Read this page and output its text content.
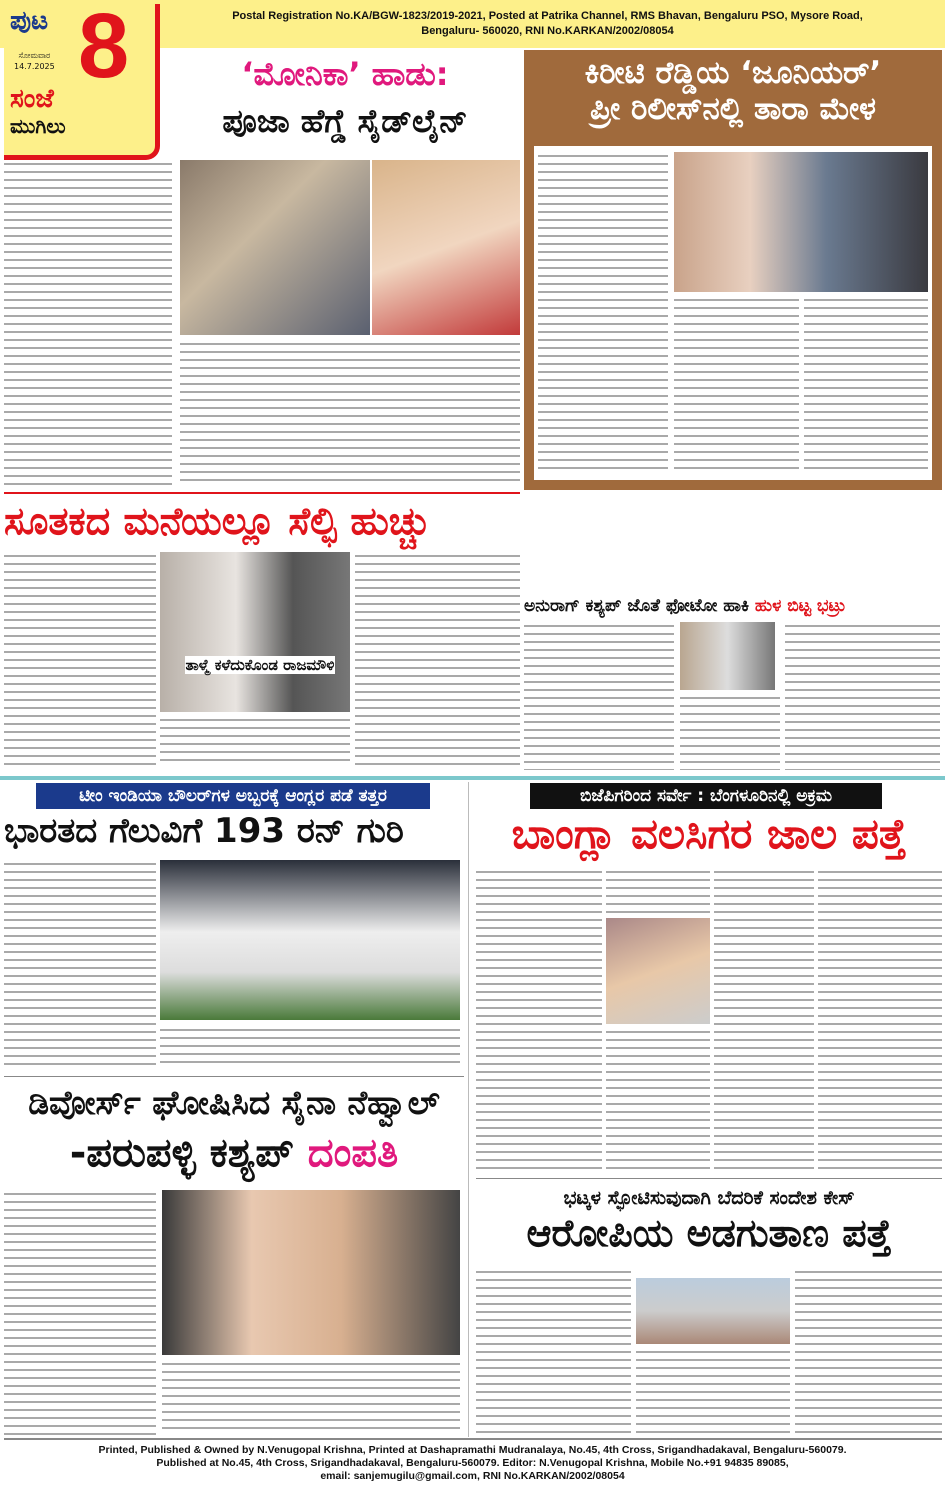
Postal Registration No.KA/BGW-1823/2019-2021, Posted at Patrika Channel, RMS Bhavan, Bengaluru PSO, Mysore Road,
Bengaluru- 560020, RNI No.KARKAN/2002/08054
ಪುಟ 8
ಸೋಮವಾರ
14.7.2025
ಸಂಜೆ
ಮುಗಿಲು
‘ಮೋನಿಕಾ’ ಹಾಡು:
ಪೂಜಾ ಹೆಗ್ಡೆ ಸೈಡ್‌ಲೈನ್
ಕಿರೀಟಿ ರೆಡ್ಡಿಯ ‘ಜೂನಿಯರ್’
ಪ್ರೀ ರಿಲೀಸ್‌ನಲ್ಲಿ ತಾರಾ ಮೇಳ
ಸೂತಕದ ಮನೆಯಲ್ಲೂ ಸೆಲ್ಫಿ ಹುಚ್ಚು
ತಾಳ್ಮೆ ಕಳೆದುಕೊಂಡ ರಾಜಮೌಳಿ
ಅನುರಾಗ್ ಕಶ್ಯಪ್ ಜೊತೆ ಫೋಟೋ ಹಾಕಿ ಹುಳ ಬಿಟ್ಟ ಭಟ್ರು
ಟೀಂ ಇಂಡಿಯಾ ಬೌಲರ್‌ಗಳ ಅಬ್ಬರಕ್ಕೆ ಆಂಗ್ಲರ ಪಡೆ ತತ್ತರ
ಭಾರತದ ಗೆಲುವಿಗೆ 193 ರನ್ ಗುರಿ
ಬಿಜೆಪಿಗರಿಂದ ಸರ್ವೇ : ಬೆಂಗಳೂರಿನಲ್ಲಿ ಅಕ್ರಮ
ಬಾಂಗ್ಲಾ ವಲಸಿಗರ ಜಾಲ ಪತ್ತೆ
ಡಿವೋರ್ಸ್ ಘೋಷಿಸಿದ ಸೈನಾ ನೆಹ್ವಾಲ್
-ಪರುಪಳ್ಳಿ ಕಶ್ಯಪ್ ದಂಪತಿ
ಭಟ್ಕಳ ಸ್ಫೋಟಿಸುವುದಾಗಿ ಬೆದರಿಕೆ ಸಂದೇಶ ಕೇಸ್
ಆರೋಪಿಯ ಅಡಗುತಾಣ ಪತ್ತೆ
Printed, Published & Owned by N.Venugopal Krishna, Printed at Dashapramathi Mudranalaya, No.45, 4th Cross, Srigandhadakaval, Bengaluru-560079.
Published at No.45, 4th Cross, Srigandhadakaval, Bengaluru-560079. Editor: N.Venugopal Krishna, Mobile No.+91 94835 89085,
email: sanjemugilu@gmail.com, RNI No.KARKAN/2002/08054
